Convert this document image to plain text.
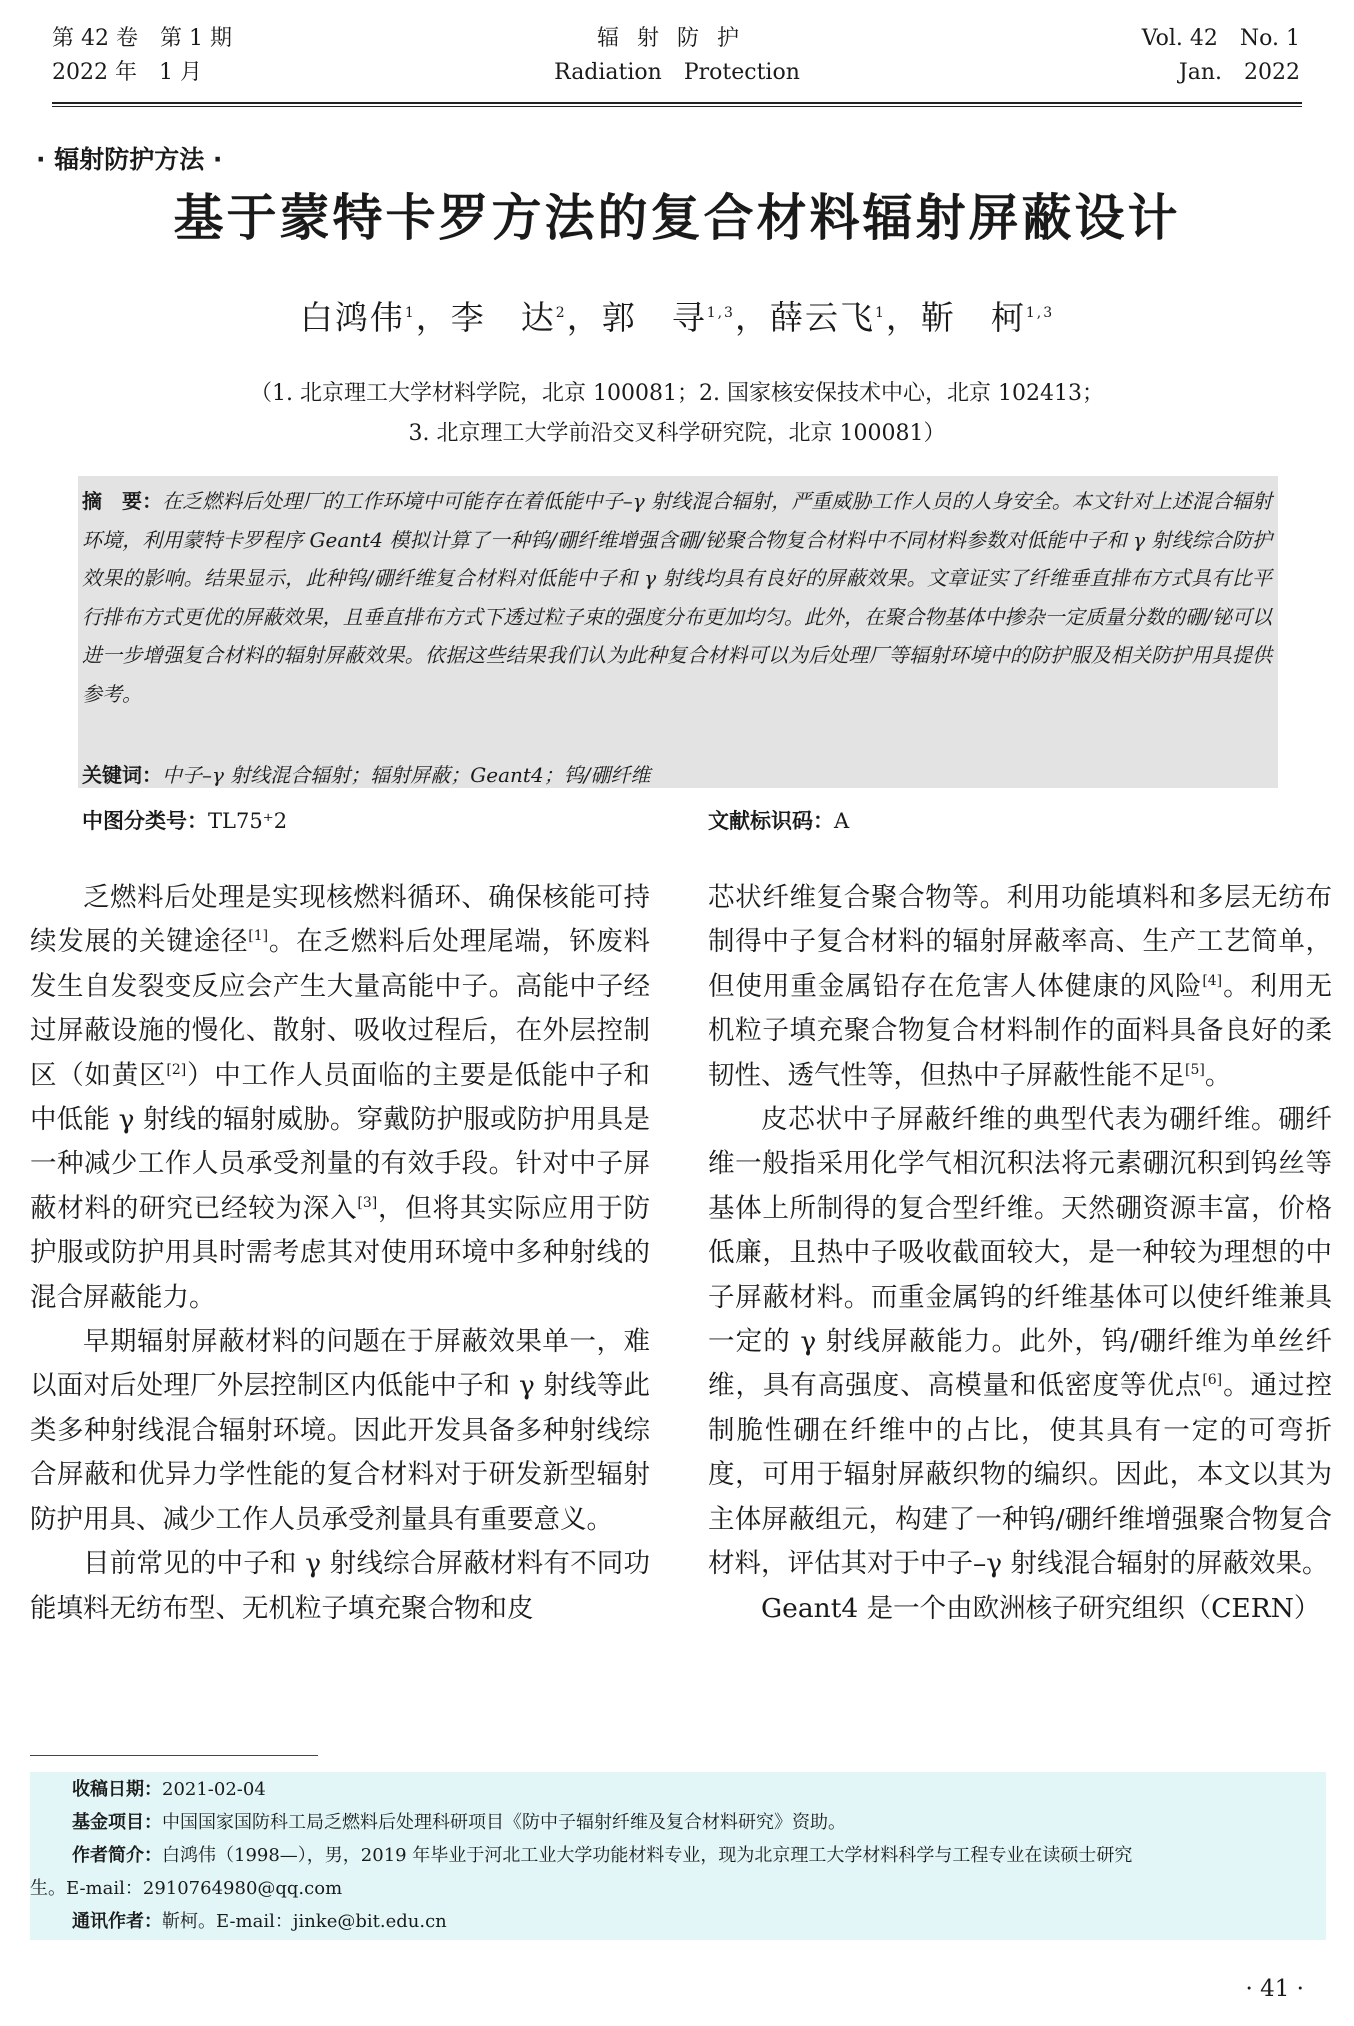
第 42 卷　第 1 期
2022 年　1 月
辐射防护
Radiation　Protection
Vol. 42　No. 1
Jan.　2022
· 辐射防护方法 ·
基于蒙特卡罗方法的复合材料辐射屏蔽设计
白鸿伟$^1$，李　达$^2$，郭　寻$^{1,3}$，薛云飞$^1$，靳　柯$^{1,3}$
（1. 北京理工大学材料学院，北京 100081；2. 国家核安保技术中心，北京 102413；
3. 北京理工大学前沿交叉科学研究院，北京 100081）
摘　要：在乏燃料后处理厂的工作环境中可能存在着低能中子–γ 射线混合辐射，严重威胁工作人员的人身安全。本文针对上述混合辐射环境，利用蒙特卡罗程序 Geant4 模拟计算了一种钨/硼纤维增强含硼/铋聚合物复合材料中不同材料参数对低能中子和 γ 射线综合防护效果的影响。结果显示，此种钨/硼纤维复合材料对低能中子和 γ 射线均具有良好的屏蔽效果。文章证实了纤维垂直排布方式具有比平行排布方式更优的屏蔽效果，且垂直排布方式下透过粒子束的强度分布更加均匀。此外，在聚合物基体中掺杂一定质量分数的硼/铋可以进一步增强复合材料的辐射屏蔽效果。依据这些结果我们认为此种复合材料可以为后处理厂等辐射环境中的防护服及相关防护用具提供参考。
关键词：中子–γ 射线混合辐射；辐射屏蔽；Geant4；钨/硼纤维
中图分类号：TL75⁺2	文献标识码：A

乏燃料后处理是实现核燃料循环、确保核能可持续发展的关键途径[1]。在乏燃料后处理尾端，钚废料发生自发裂变反应会产生大量高能中子。高能中子经过屏蔽设施的慢化、散射、吸收过程后，在外层控制区（如黄区[2]）中工作人员面临的主要是低能中子和中低能 γ 射线的辐射威胁。穿戴防护服或防护用具是一种减少工作人员承受剂量的有效手段。针对中子屏蔽材料的研究已经较为深入[3]，但将其实际应用于防护服或防护用具时需考虑其对使用环境中多种射线的混合屏蔽能力。

早期辐射屏蔽材料的问题在于屏蔽效果单一，难以面对后处理厂外层控制区内低能中子和 γ 射线等此类多种射线混合辐射环境。因此开发具备多种射线综合屏蔽和优异力学性能的复合材料对于研发新型辐射防护用具、减少工作人员承受剂量具有重要意义。

目前常见的中子和 γ 射线综合屏蔽材料有不同功能填料无纺布型、无机粒子填充聚合物和皮

芯状纤维复合聚合物等。利用功能填料和多层无纺布制得中子复合材料的辐射屏蔽率高、生产工艺简单，但使用重金属铅存在危害人体健康的风险[4]。利用无机粒子填充聚合物复合材料制作的面料具备良好的柔韧性、透气性等，但热中子屏蔽性能不足[5]。

皮芯状中子屏蔽纤维的典型代表为硼纤维。硼纤维一般指采用化学气相沉积法将元素硼沉积到钨丝等基体上所制得的复合型纤维。天然硼资源丰富，价格低廉，且热中子吸收截面较大，是一种较为理想的中子屏蔽材料。而重金属钨的纤维基体可以使纤维兼具一定的 γ 射线屏蔽能力。此外，钨/硼纤维为单丝纤维，具有高强度、高模量和低密度等优点[6]。通过控制脆性硼在纤维中的占比，使其具有一定的可弯折度，可用于辐射屏蔽织物的编织。因此，本文以其为主体屏蔽组元，构建了一种钨/硼纤维增强聚合物复合材料，评估其对于中子–γ 射线混合辐射的屏蔽效果。

Geant4 是一个由欧洲核子研究组织（CERN）

收稿日期：2021-02-04
基金项目：中国国家国防科工局乏燃料后处理科研项目《防中子辐射纤维及复合材料研究》资助。
作者简介：白鸿伟（1998—），男，2019 年毕业于河北工业大学功能材料专业，现为北京理工大学材料科学与工程专业在读硕士研究
生。E-mail：2910764980@qq.com
通讯作者：靳柯。E-mail：jinke@bit.edu.cn
· 41 ·
